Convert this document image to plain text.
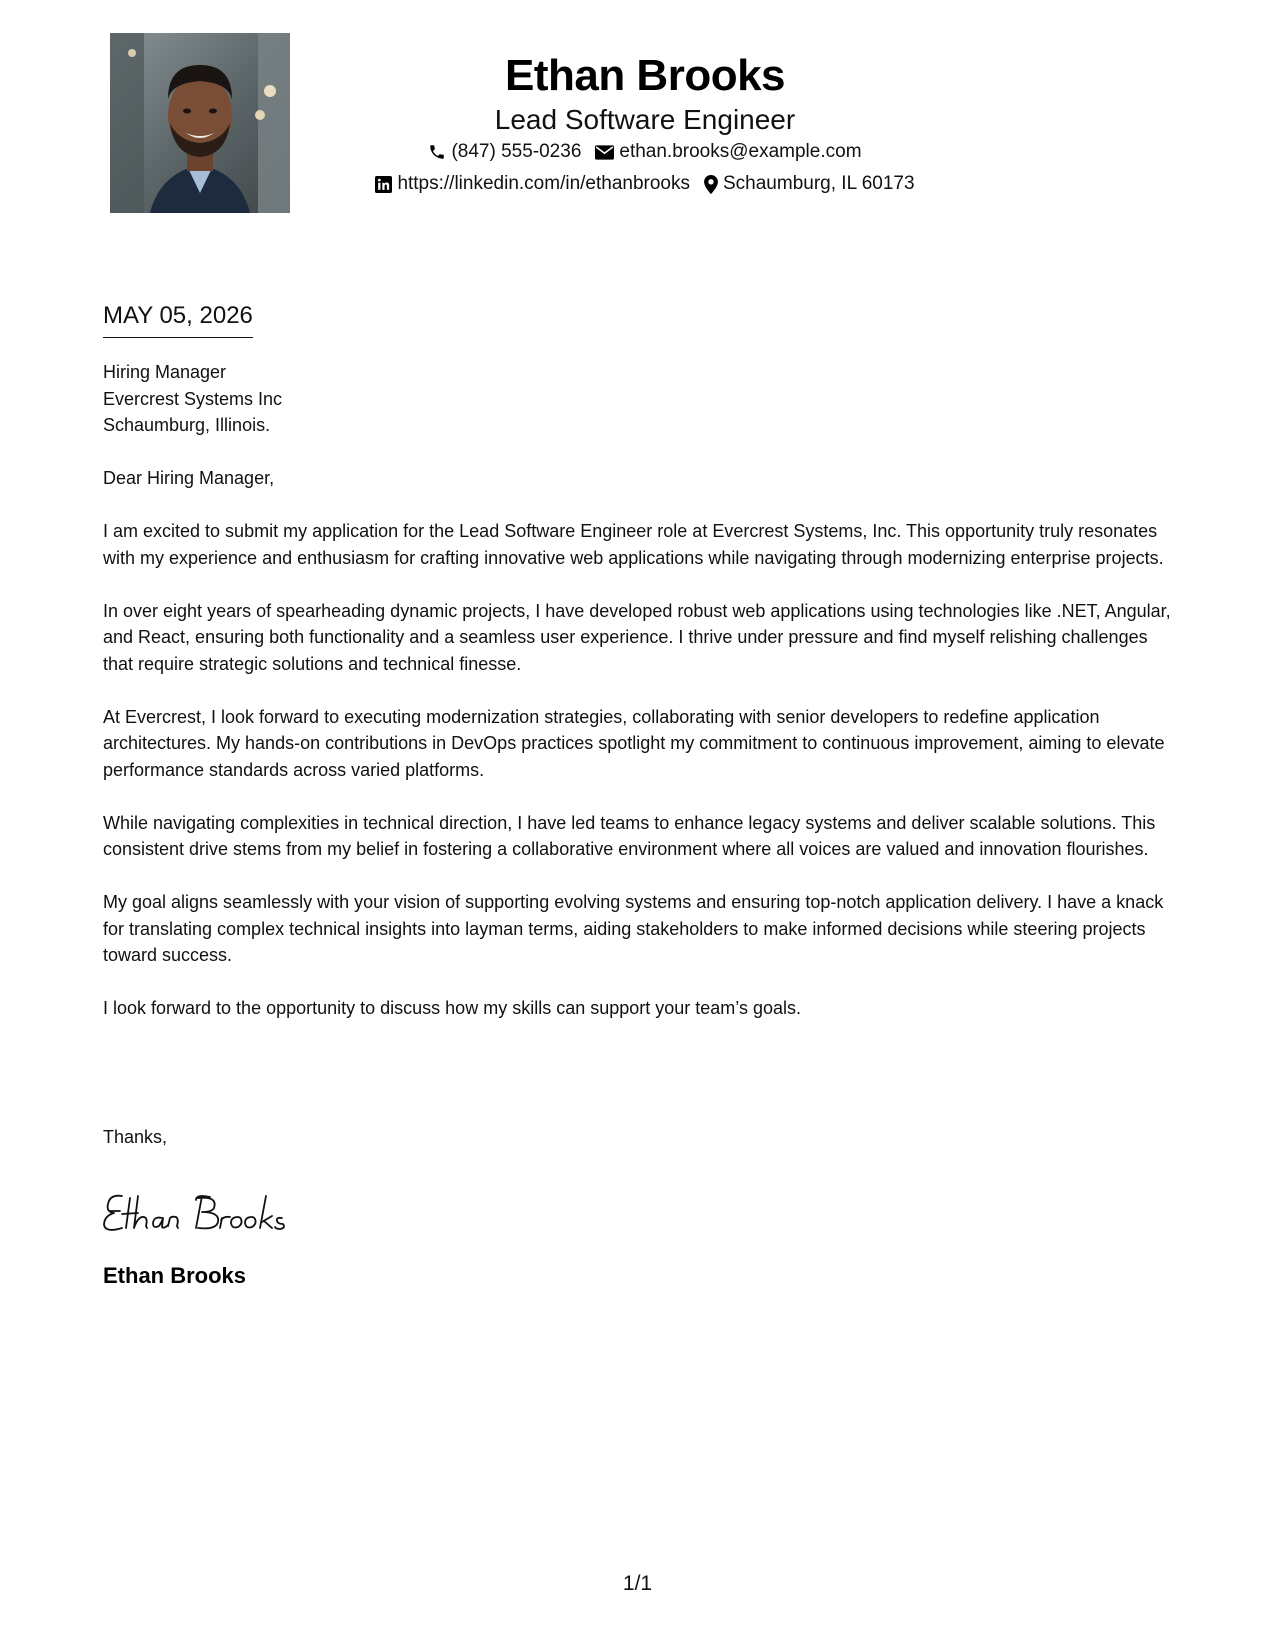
Ethan Brooks
Lead Software Engineer
(847) 555-0236 ethan.brooks@example.com
https://linkedin.com/in/ethanbrooks Schaumburg, IL 60173
MAY 05, 2026

Hiring Manager
Evercrest Systems Inc
Schaumburg, Illinois.

Dear Hiring Manager,

I am excited to submit my application for the Lead Software Engineer role at Evercrest Systems, Inc. This opportunity truly resonates with my experience and enthusiasm for crafting innovative web applications while navigating through modernizing enterprise projects.

In over eight years of spearheading dynamic projects, I have developed robust web applications using technologies like .NET, Angular, and React, ensuring both functionality and a seamless user experience. I thrive under pressure and find myself relishing challenges that require strategic solutions and technical finesse.

At Evercrest, I look forward to executing modernization strategies, collaborating with senior developers to redefine application architectures. My hands-on contributions in DevOps practices spotlight my commitment to continuous improvement, aiming to elevate performance standards across varied platforms.

While navigating complexities in technical direction, I have led teams to enhance legacy systems and deliver scalable solutions. This consistent drive stems from my belief in fostering a collaborative environment where all voices are valued and innovation flourishes.

My goal aligns seamlessly with your vision of supporting evolving systems and ensuring top-notch application delivery. I have a knack for translating complex technical insights into layman terms, aiding stakeholders to make informed decisions while steering projects toward success.

I look forward to the opportunity to discuss how my skills can support your team’s goals.

Thanks,
Ethan Brooks
1/1
